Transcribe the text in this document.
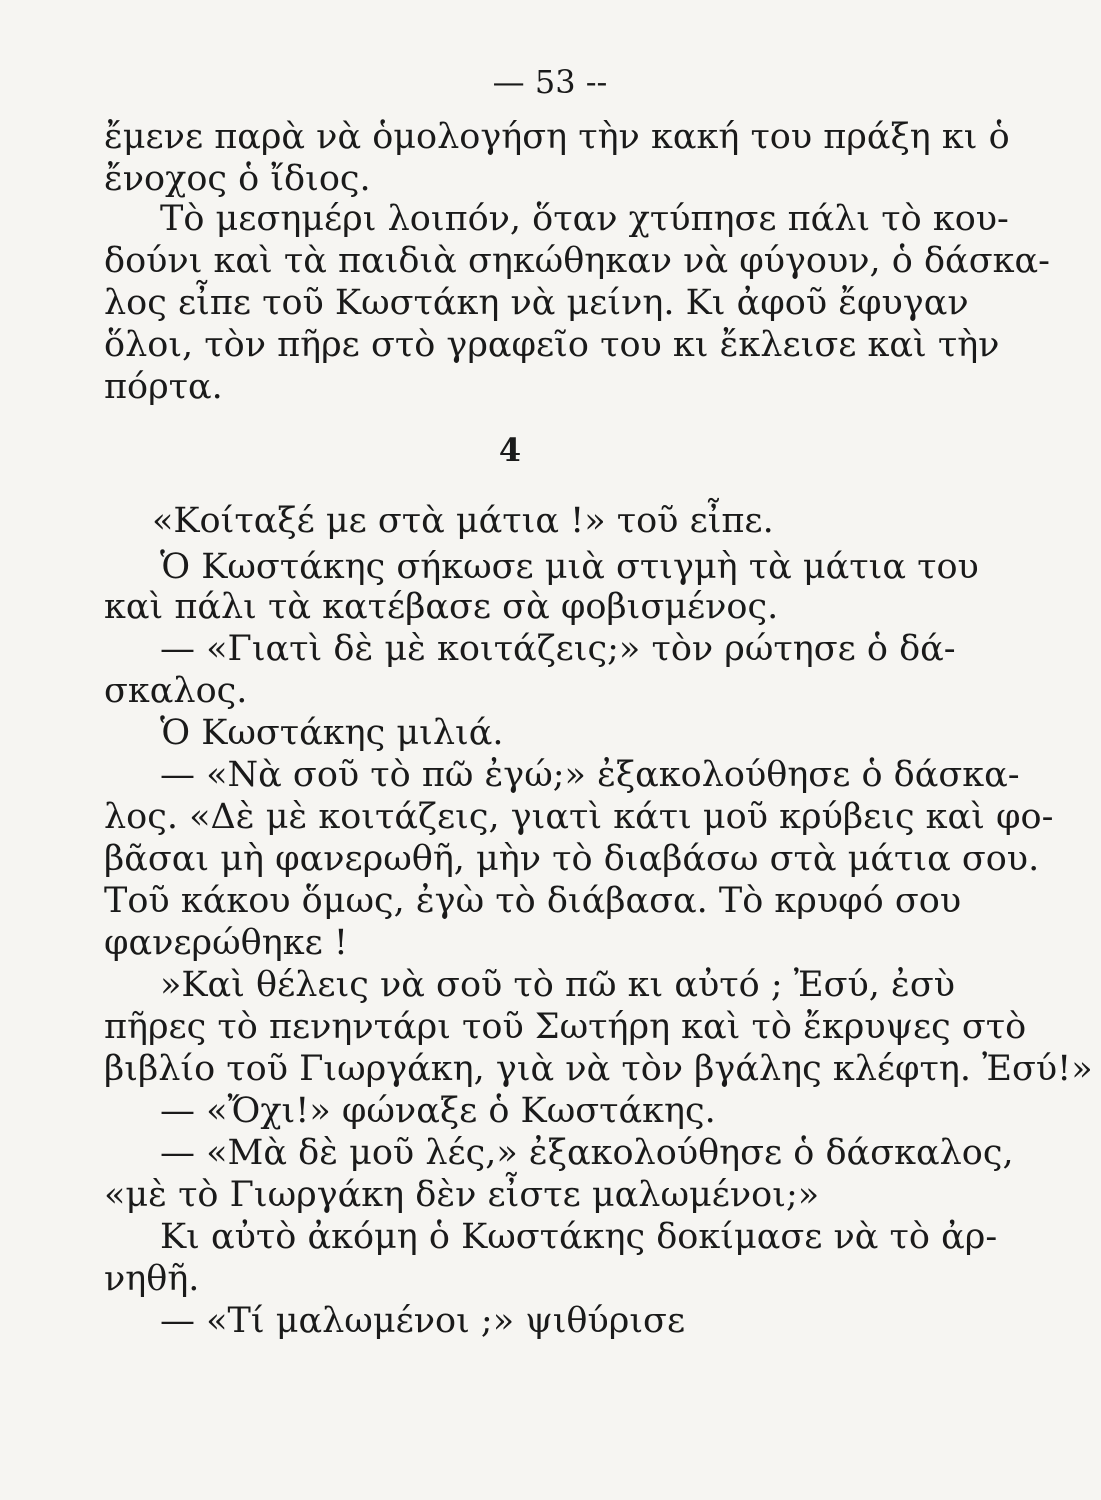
— 53 --

ἔμενε παρὰ νὰ ὁμολογήση τὴν κακή του πράξη κι ὁ

ἔνοχος ὁ ἴδιος.

Τὸ μεσημέρι λοιπόν, ὅταν χτύπησε πάλι τὸ κου-

δούνι καὶ τὰ παιδιὰ σηκώθηκαν νὰ φύγουν, ὁ δάσκα-

λος εἶπε τοῦ Κωστάκη νὰ μείνη. Κι ἀφοῦ ἔφυγαν

ὅλοι, τὸν πῆρε στὸ γραφεῖο του κι ἔκλεισε καὶ τὴν

πόρτα.

4

«Κοίταξέ με στὰ μάτια !» τοῦ εἶπε.

Ὁ Κωστάκης σήκωσε μιὰ στιγμὴ τὰ μάτια του

καὶ πάλι τὰ κατέβασε σὰ φοβισμένος.

— «Γιατὶ δὲ μὲ κοιτάζεις;» τὸν ρώτησε ὁ δά-

σκαλος.

Ὁ Κωστάκης μιλιά.

— «Νὰ σοῦ τὸ πῶ ἐγώ;» ἐξακολούθησε ὁ δάσκα-

λος. «Δὲ μὲ κοιτάζεις, γιατὶ κάτι μοῦ κρύβεις καὶ φο-

βᾶσαι μὴ φανερωθῆ, μὴν τὸ διαβάσω στὰ μάτια σου.

Τοῦ κάκου ὅμως, ἐγὼ τὸ διάβασα. Τὸ κρυφό σου

φανερώθηκε !

»Καὶ θέλεις νὰ σοῦ τὸ πῶ κι αὐτό ; Ἐσύ, ἐσὺ

πῆρες τὸ πενηντάρι τοῦ Σωτήρη καὶ τὸ ἔκρυψες στὸ

βιβλίο τοῦ Γιωργάκη, γιὰ νὰ τὸν βγάλης κλέφτη. Ἐσύ!»

— «Ὄχι!» φώναξε ὁ Κωστάκης.

— «Μὰ δὲ μοῦ λές,» ἐξακολούθησε ὁ δάσκαλος,

«μὲ τὸ Γιωργάκη δὲν εἶστε μαλωμένοι;»

Κι αὐτὸ ἀκόμη ὁ Κωστάκης δοκίμασε νὰ τὸ ἀρ-

νηθῆ.

— «Τί μαλωμένοι ;» ψιθύρισε
